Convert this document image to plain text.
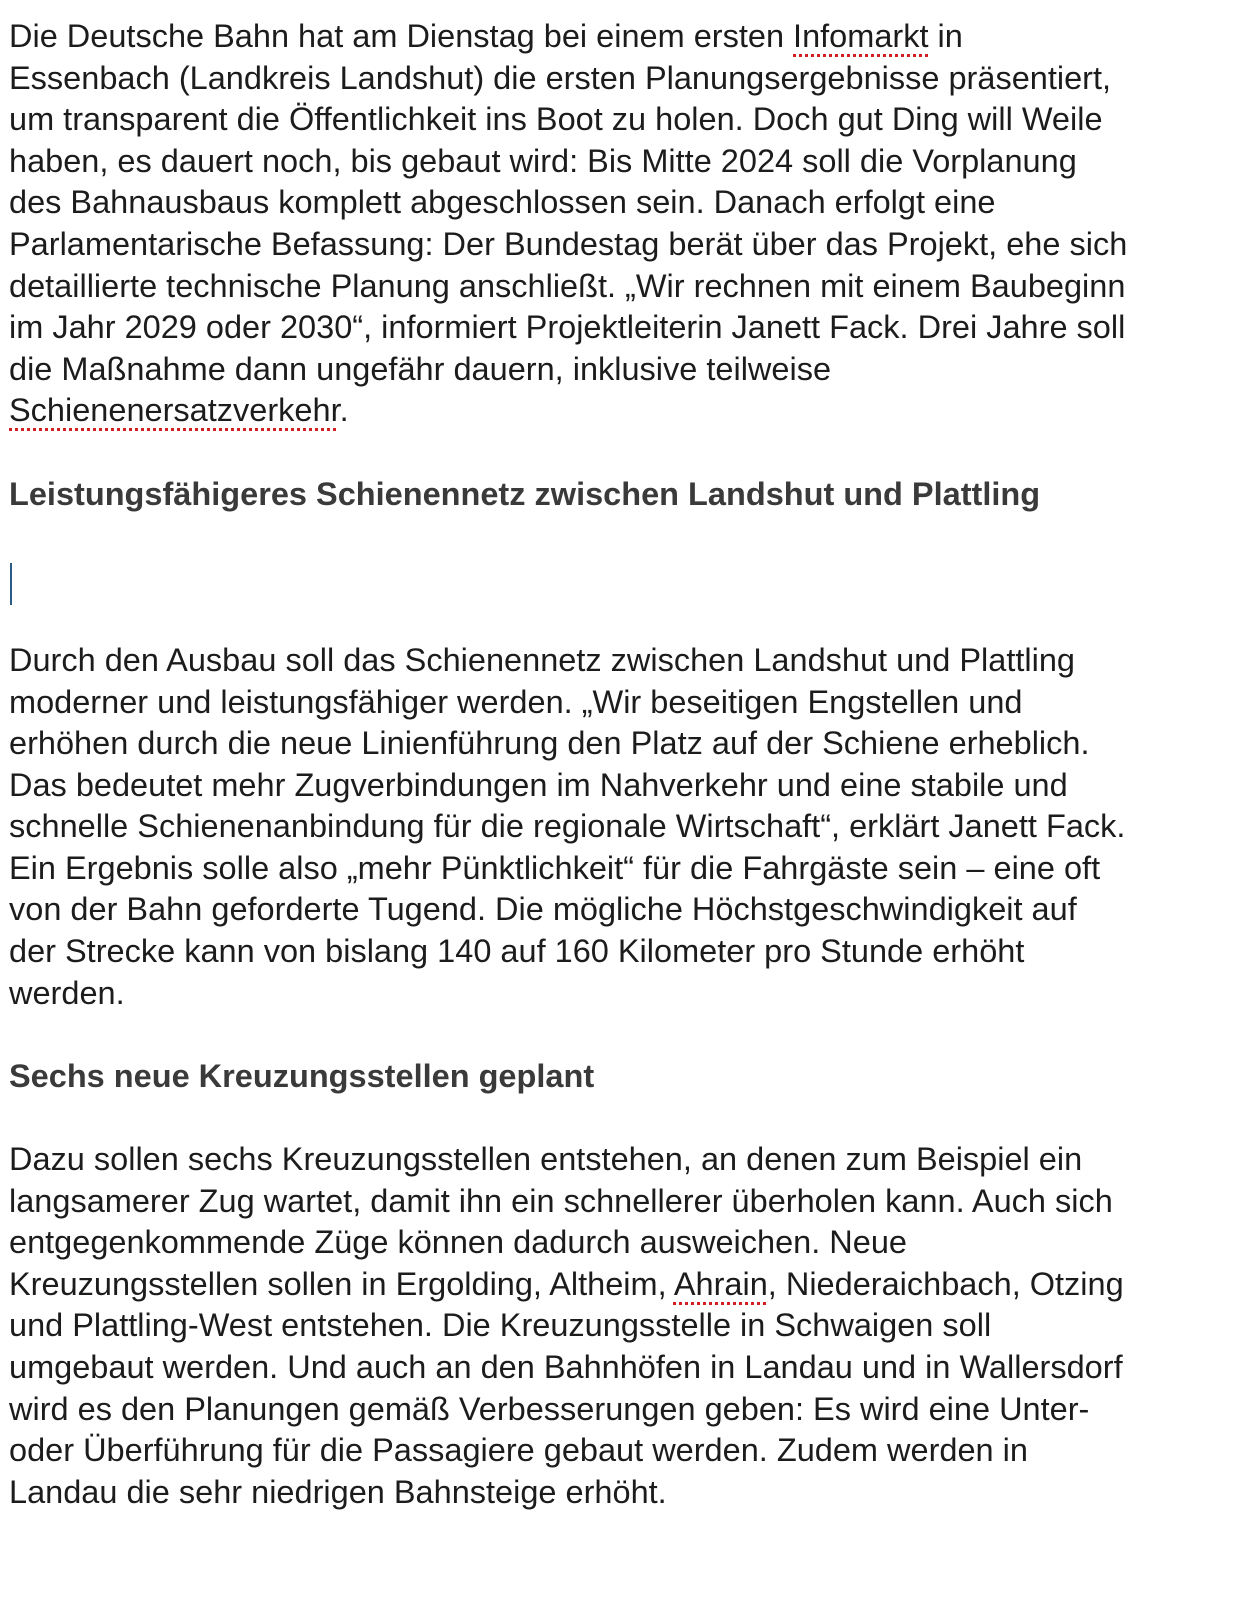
Die Deutsche Bahn hat am Dienstag bei einem ersten Infomarkt in
Essenbach (Landkreis Landshut) die ersten Planungsergebnisse präsentiert,
um transparent die Öffentlichkeit ins Boot zu holen. Doch gut Ding will Weile
haben, es dauert noch, bis gebaut wird: Bis Mitte 2024 soll die Vorplanung
des Bahnausbaus komplett abgeschlossen sein. Danach erfolgt eine
Parlamentarische Befassung: Der Bundestag berät über das Projekt, ehe sich
detaillierte technische Planung anschließt. „Wir rechnen mit einem Baubeginn
im Jahr 2029 oder 2030“, informiert Projektleiterin Janett Fack. Drei Jahre soll
die Maßnahme dann ungefähr dauern, inklusive teilweise
Schienenersatzverkehr.

Leistungsfähigeres Schienennetz zwischen Landshut und Plattling

Durch den Ausbau soll das Schienennetz zwischen Landshut und Plattling
moderner und leistungsfähiger werden. „Wir beseitigen Engstellen und
erhöhen durch die neue Linienführung den Platz auf der Schiene erheblich.
Das bedeutet mehr Zugverbindungen im Nahverkehr und eine stabile und
schnelle Schienenanbindung für die regionale Wirtschaft“, erklärt Janett Fack.
Ein Ergebnis solle also „mehr Pünktlichkeit“ für die Fahrgäste sein – eine oft
von der Bahn geforderte Tugend. Die mögliche Höchstgeschwindigkeit auf
der Strecke kann von bislang 140 auf 160 Kilometer pro Stunde erhöht
werden.

Sechs neue Kreuzungsstellen geplant

Dazu sollen sechs Kreuzungsstellen entstehen, an denen zum Beispiel ein
langsamerer Zug wartet, damit ihn ein schnellerer überholen kann. Auch sich
entgegenkommende Züge können dadurch ausweichen. Neue
Kreuzungsstellen sollen in Ergolding, Altheim, Ahrain, Niederaichbach, Otzing
und Plattling-West entstehen. Die Kreuzungsstelle in Schwaigen soll
umgebaut werden. Und auch an den Bahnhöfen in Landau und in Wallersdorf
wird es den Planungen gemäß Verbesserungen geben: Es wird eine Unter-
oder Überführung für die Passagiere gebaut werden. Zudem werden in
Landau die sehr niedrigen Bahnsteige erhöht.
